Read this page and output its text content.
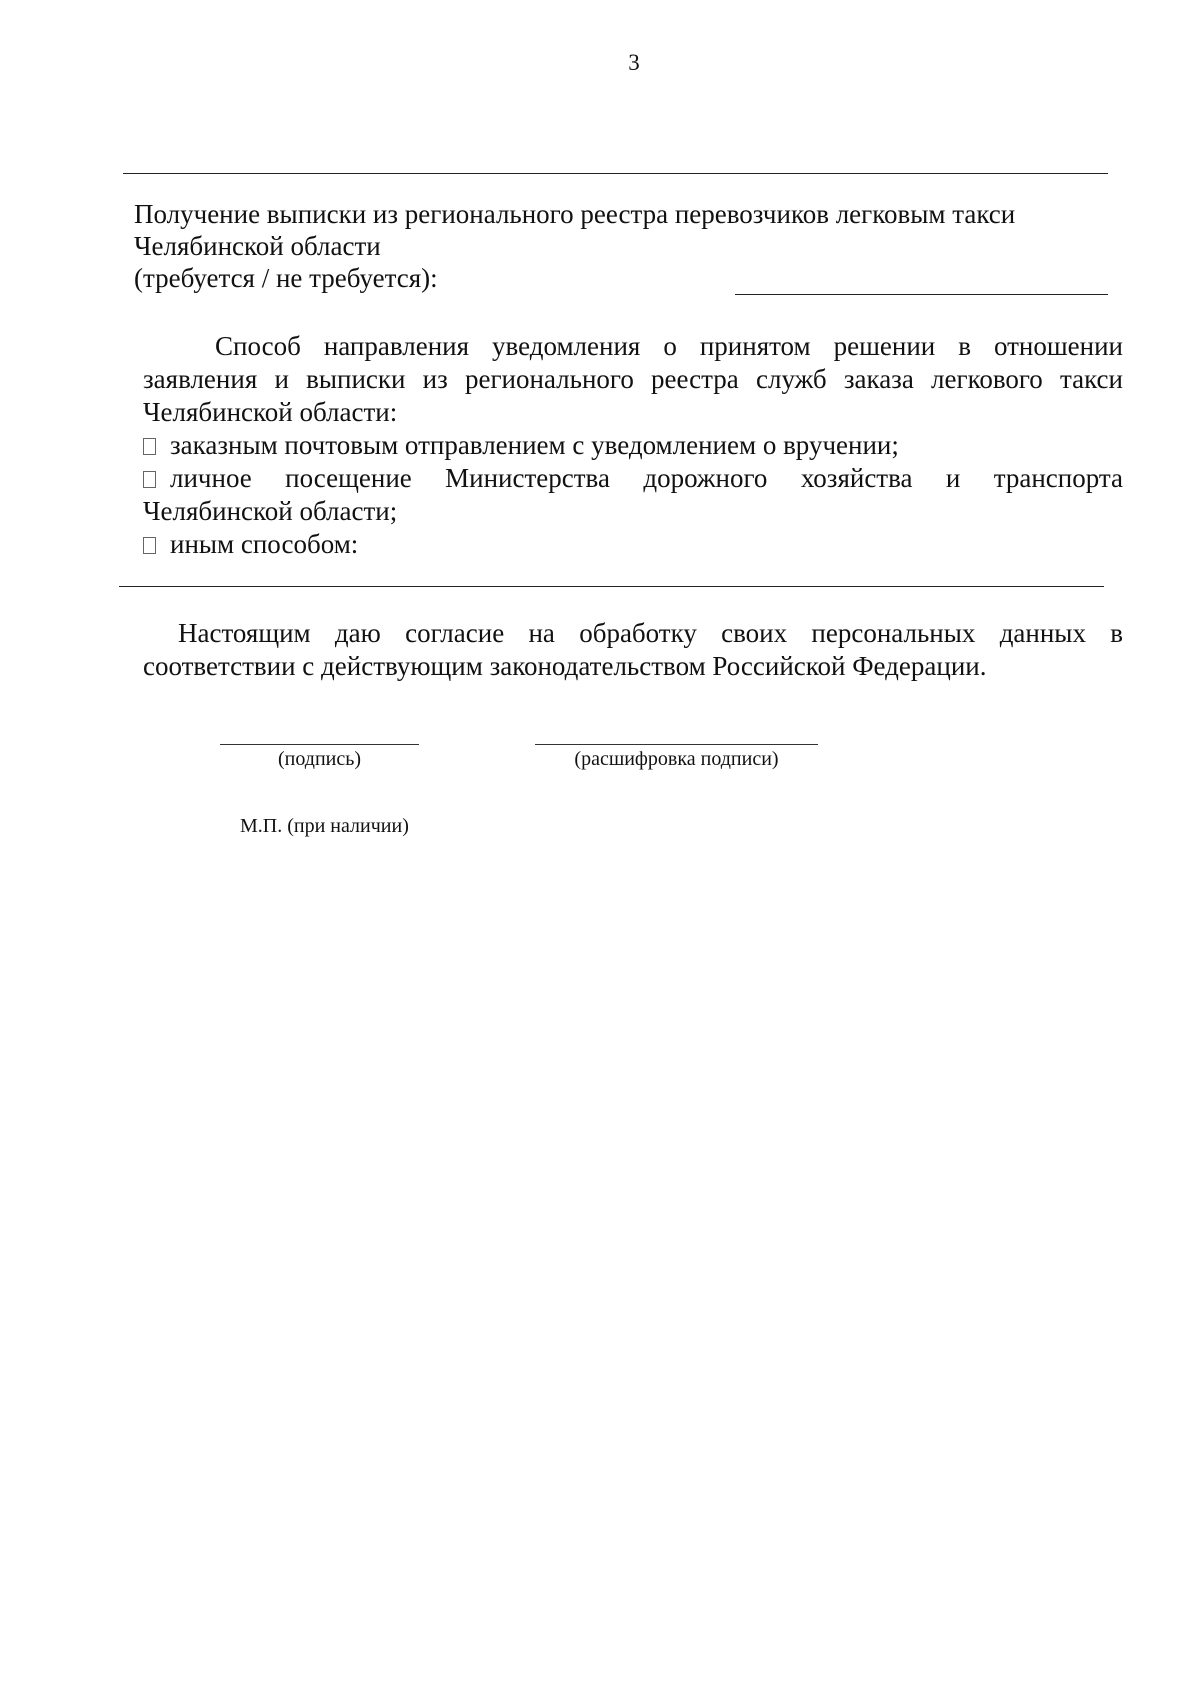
3
Получение выписки из регионального реестра перевозчиков легковым такси
Челябинской области
(требуется / не требуется):

Способ направления уведомления о принятом решении в отношении заявления и выписки из регионального реестра служб заказа легкового такси Челябинской области:

заказным почтовым отправлением с уведомлением о вручении;
личное посещение Министерства дорожного хозяйства и транспорта
Челябинской области;
иным способом:

Настоящим даю согласие на обработку своих персональных данных в соответствии с действующим законодательством Российской Федерации.

(подпись)	(расшифровка подписи)
М.П. (при наличии)
